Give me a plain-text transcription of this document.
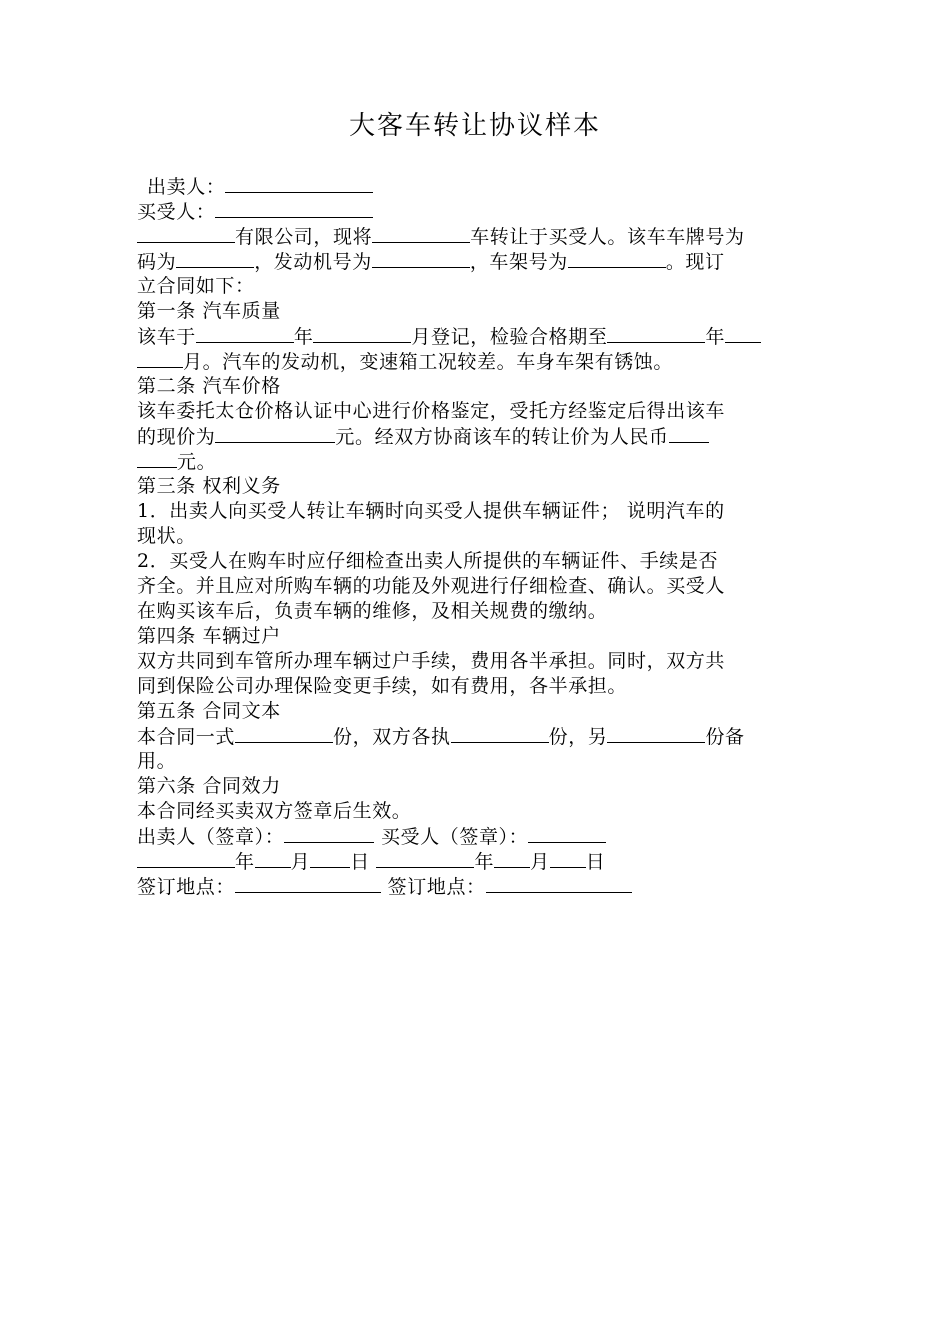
大客车转让协议样本
出卖人：
买受人：
有限公司，现将	车转让于买受人。该车车牌号为
码为	，发动机号为	，车架号为	。现订
立合同如下：
第一条 汽车质量
该车于	年	月登记，检验合格期至	年
月。汽车的发动机，变速箱工况较差。车身车架有锈蚀。
第二条 汽车价格
该车委托太仓价格认证中心进行价格鉴定，受托方经鉴定后得出该车
的现价为	元。经双方协商该车的转让价为人民币
元。
第三条 权利义务
1．出卖人向买受人转让车辆时向买受人提供车辆证件； 说明汽车的
现状。
2．买受人在购车时应仔细检查出卖人所提供的车辆证件、手续是否
齐全。并且应对所购车辆的功能及外观进行仔细检查、确认。买受人
在购买该车后，负责车辆的维修，及相关规费的缴纳。
第四条 车辆过户
双方共同到车管所办理车辆过户手续，费用各半承担。同时，双方共
同到保险公司办理保险变更手续，如有费用，各半承担。
第五条 合同文本
本合同一式	份，双方各执	份，另	份备
用。
第六条 合同效力
本合同经买卖双方签章后生效。
出卖人（签章）：	买受人（签章）：
年 月 日	年 月 日
签订地点：	签订地点：
